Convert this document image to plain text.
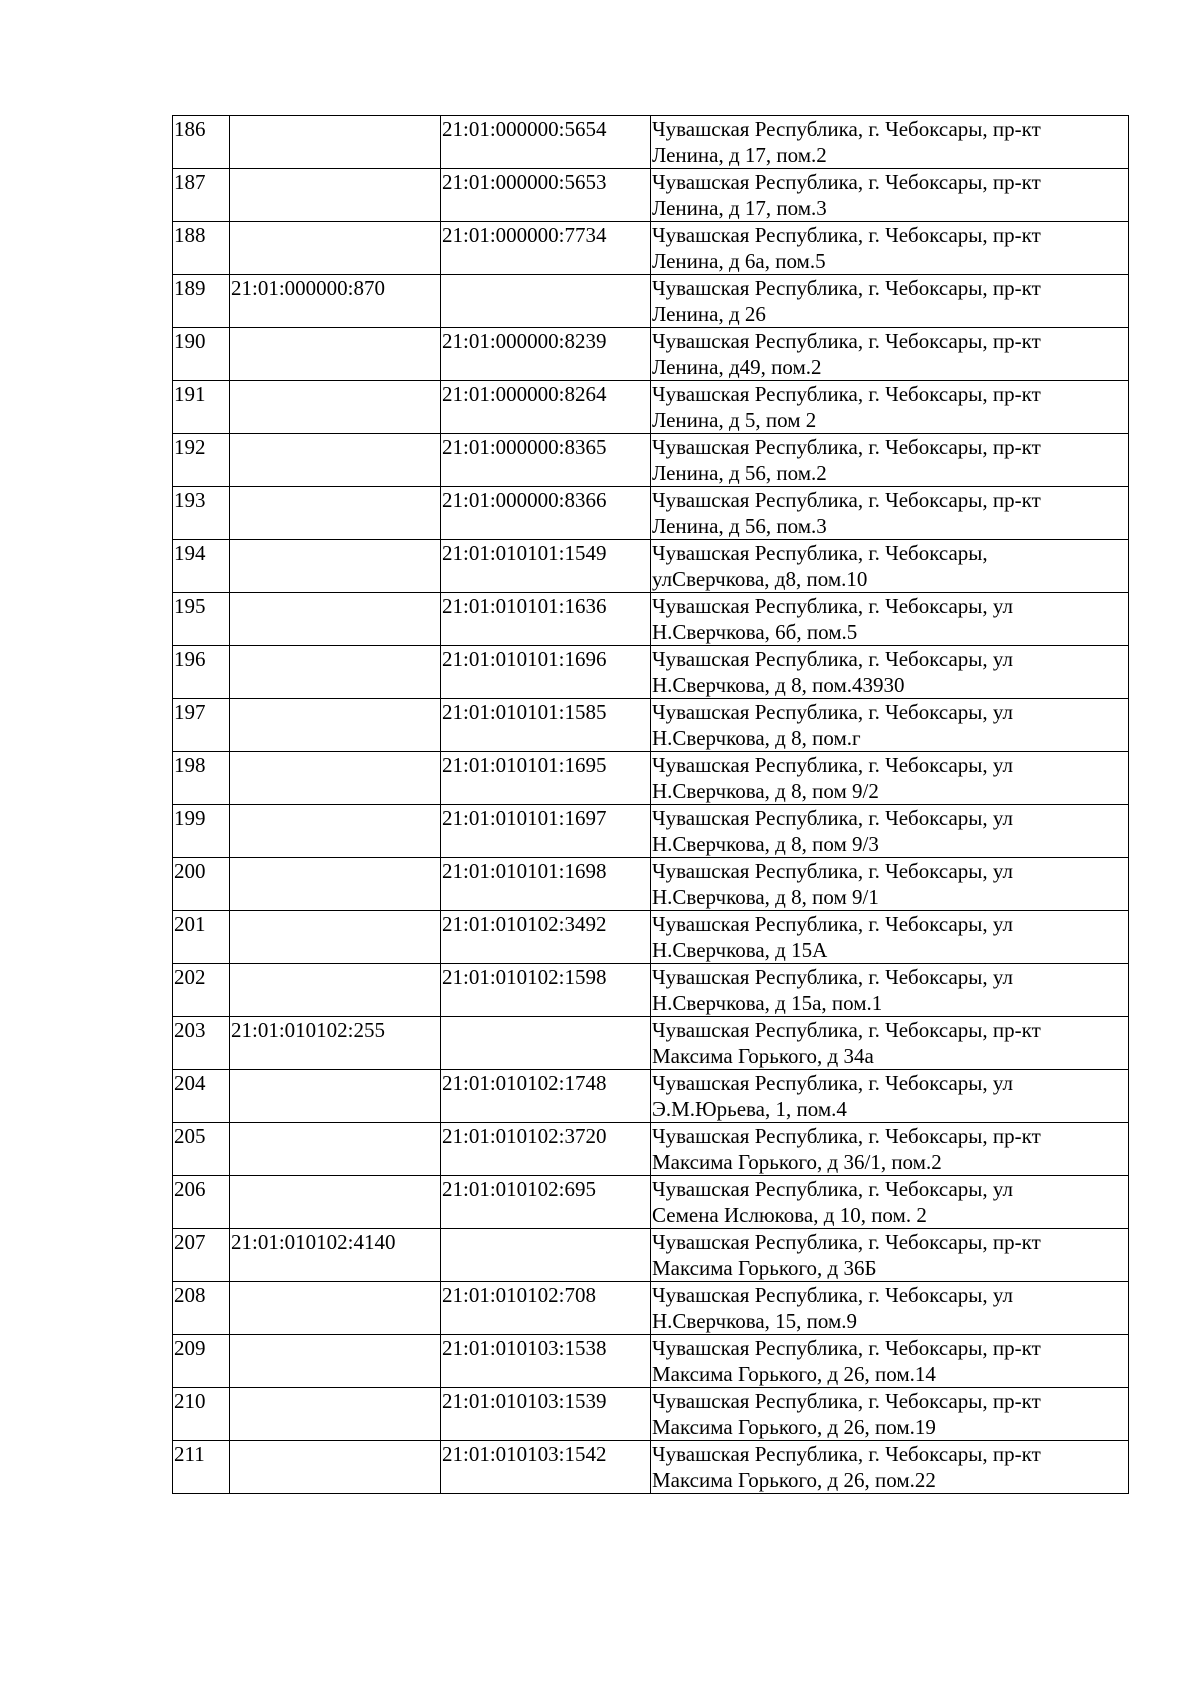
186		21:01:000000:5654	Чувашская Республика, г. Чебоксары, пр-кт
Ленина, д 17, пом.2

187		21:01:000000:5653	Чувашская Республика, г. Чебоксары, пр-кт
Ленина, д 17, пом.3

188		21:01:000000:7734	Чувашская Республика, г. Чебоксары, пр-кт
Ленина, д 6а, пом.5

189	21:01:000000:870		Чувашская Республика, г. Чебоксары, пр-кт
Ленина, д 26

190		21:01:000000:8239	Чувашская Республика, г. Чебоксары, пр-кт
Ленина, д49, пом.2

191		21:01:000000:8264	Чувашская Республика, г. Чебоксары, пр-кт
Ленина, д 5, пом 2

192		21:01:000000:8365	Чувашская Республика, г. Чебоксары, пр-кт
Ленина, д 56, пом.2

193		21:01:000000:8366	Чувашская Республика, г. Чебоксары, пр-кт
Ленина, д 56, пом.3

194		21:01:010101:1549	Чувашская Республика, г. Чебоксары,
улСверчкова, д8, пом.10

195		21:01:010101:1636	Чувашская Республика, г. Чебоксары, ул
Н.Сверчкова, 6б, пом.5

196		21:01:010101:1696	Чувашская Республика, г. Чебоксары, ул
Н.Сверчкова, д 8, пом.43930

197		21:01:010101:1585	Чувашская Республика, г. Чебоксары, ул
Н.Сверчкова, д 8, пом.г

198		21:01:010101:1695	Чувашская Республика, г. Чебоксары, ул
Н.Сверчкова, д 8, пом 9/2

199		21:01:010101:1697	Чувашская Республика, г. Чебоксары, ул
Н.Сверчкова, д 8, пом 9/3

200		21:01:010101:1698	Чувашская Республика, г. Чебоксары, ул
Н.Сверчкова, д 8, пом 9/1

201		21:01:010102:3492	Чувашская Республика, г. Чебоксары, ул
Н.Сверчкова, д 15А

202		21:01:010102:1598	Чувашская Республика, г. Чебоксары, ул
Н.Сверчкова, д 15а, пом.1

203	21:01:010102:255		Чувашская Республика, г. Чебоксары, пр-кт
Максима Горького, д 34а

204		21:01:010102:1748	Чувашская Республика, г. Чебоксары, ул
Э.М.Юрьева, 1, пом.4

205		21:01:010102:3720	Чувашская Республика, г. Чебоксары, пр-кт
Максима Горького, д 36/1, пом.2

206		21:01:010102:695	Чувашская Республика, г. Чебоксары, ул
Семена Ислюкова, д 10, пом. 2

207	21:01:010102:4140		Чувашская Республика, г. Чебоксары, пр-кт
Максима Горького, д 36Б

208		21:01:010102:708	Чувашская Республика, г. Чебоксары, ул
Н.Сверчкова, 15, пом.9

209		21:01:010103:1538	Чувашская Республика, г. Чебоксары, пр-кт
Максима Горького, д 26, пом.14

210		21:01:010103:1539	Чувашская Республика, г. Чебоксары, пр-кт
Максима Горького, д 26, пом.19

211		21:01:010103:1542	Чувашская Республика, г. Чебоксары, пр-кт
Максима Горького, д 26, пом.22
